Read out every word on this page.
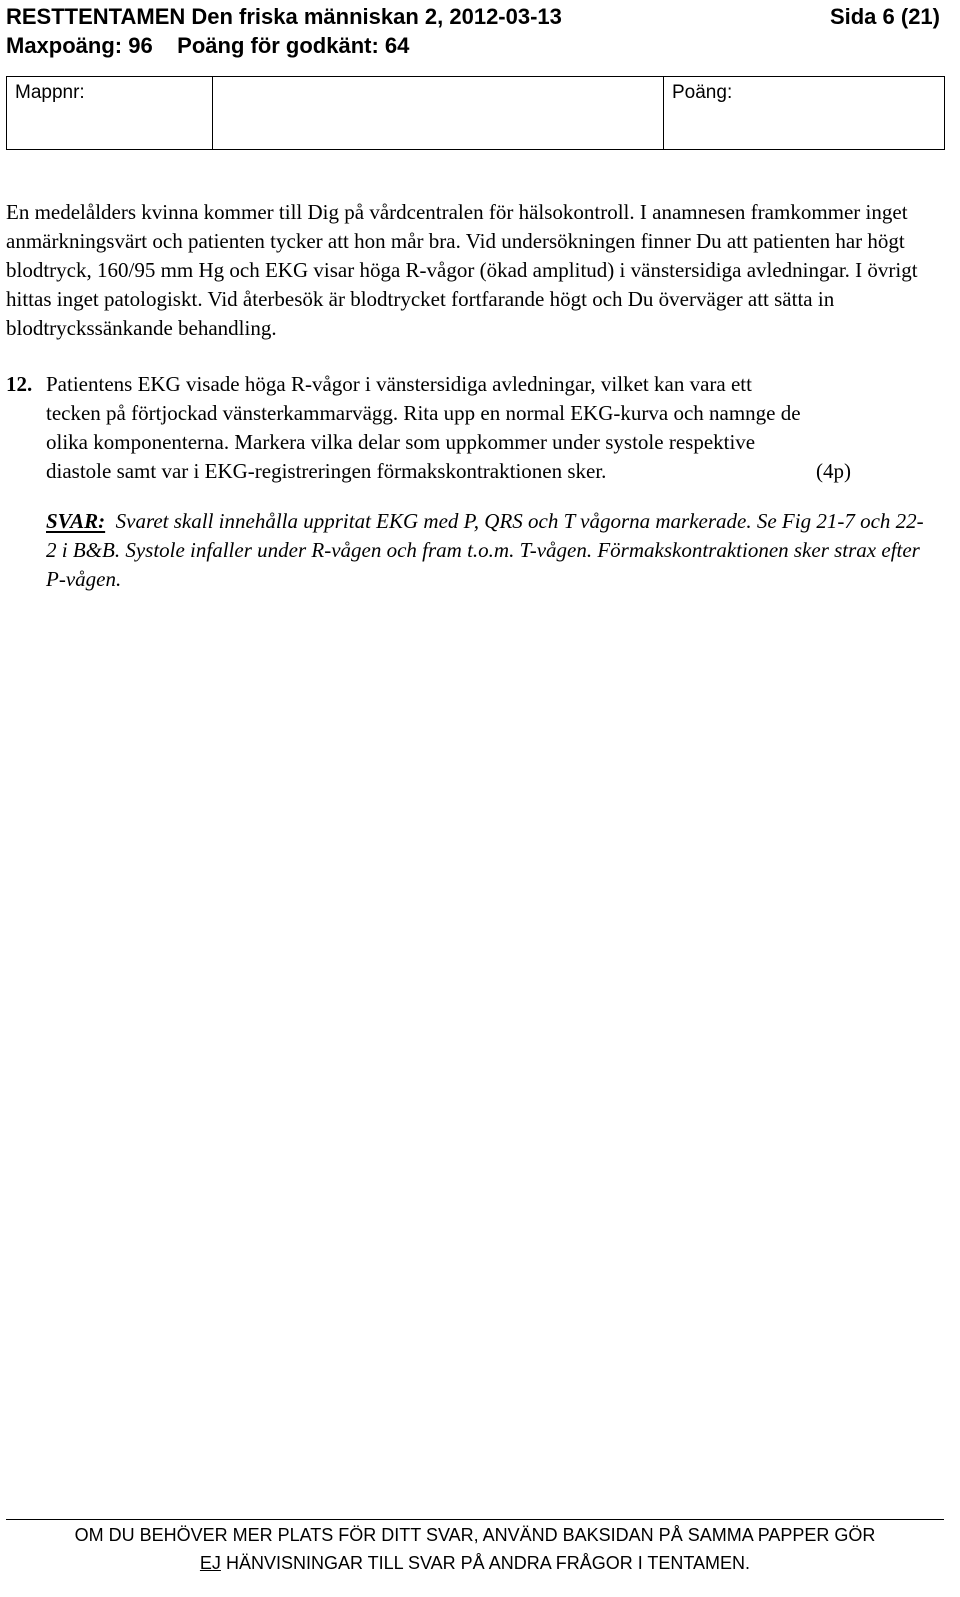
RESTTENTAMEN Den friska människan 2, 2012-03-13	Sida 6 (21)
Maxpoäng: 96 Poäng för godkänt: 64
Mappnr:		Poäng:

En medelålders kvinna kommer till Dig på vårdcentralen för hälsokontroll. I anamnesen framkommer inget anmärkningsvärt och patienten tycker att hon mår bra. Vid undersökningen finner Du att patienten har högt blodtryck, 160/95 mm Hg och EKG visar höga R-vågor (ökad amplitud) i vänstersidiga avledningar. I övrigt hittas inget patologiskt. Vid återbesök är blodtrycket fortfarande högt och Du överväger att sätta in blodtryckssänkande behandling.

12. Patientens EKG visade höga R-vågor i vänstersidiga avledningar, vilket kan vara ett
tecken på förtjockad vänsterkammarvägg. Rita upp en normal EKG-kurva och namnge de
olika komponenterna. Markera vilka delar som uppkommer under systole respektive
diastole samt var i EKG-registreringen förmakskontraktionen sker.	(4p)

SVAR: Svaret skall innehålla uppritat EKG med P, QRS och T vågorna markerade. Se Fig 21-7 och 22-2 i B&B. Systole infaller under R-vågen och fram t.o.m. T-vågen. Förmakskontraktionen sker strax efter P-vågen.

OM DU BEHÖVER MER PLATS FÖR DITT SVAR, ANVÄND BAKSIDAN PÅ SAMMA PAPPER GÖR
EJ HÄNVISNINGAR TILL SVAR PÅ ANDRA FRÅGOR I TENTAMEN.
